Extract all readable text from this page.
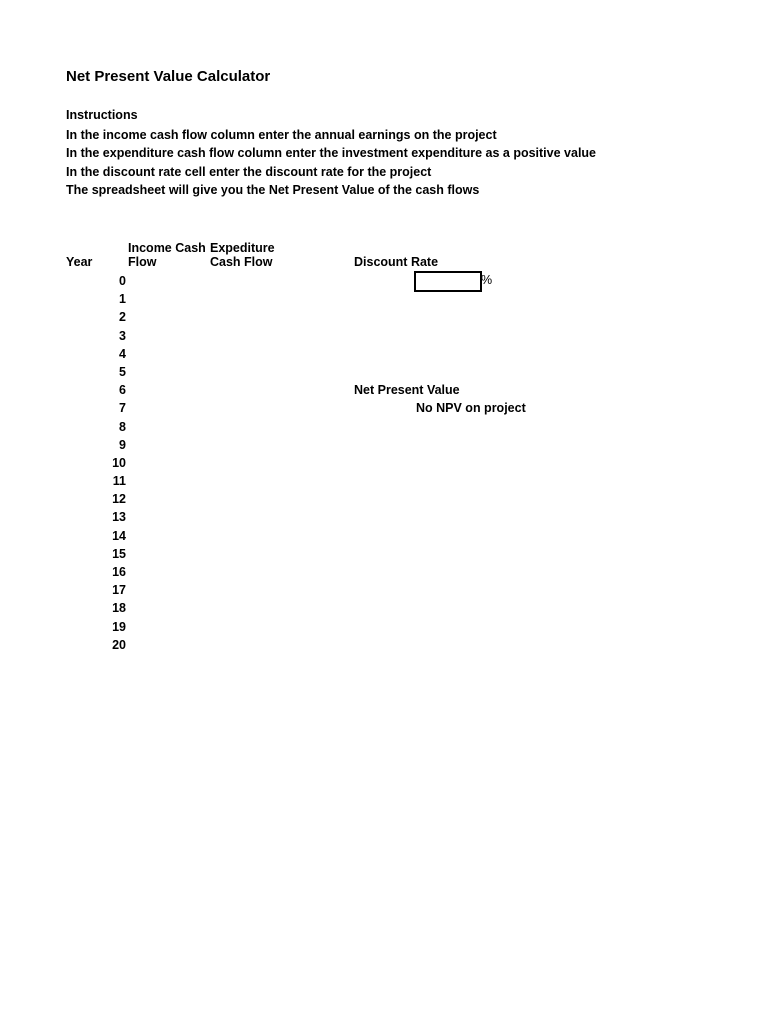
Net Present Value Calculator
Instructions
In the income cash flow column enter the annual earnings on the project
In the expenditure cash flow column enter the investment expenditure as a positive value
In the discount rate cell enter the discount rate for the project
The spreadsheet will give you the Net Present Value of the cash flows
Year
Income Cash
Flow
Expediture
Cash Flow	Discount Rate
0
1
2
3
4
5
6
7
8
9
10
11
12
13
14
15
16
17
18
19
20
%
Net Present Value
No NPV on project
